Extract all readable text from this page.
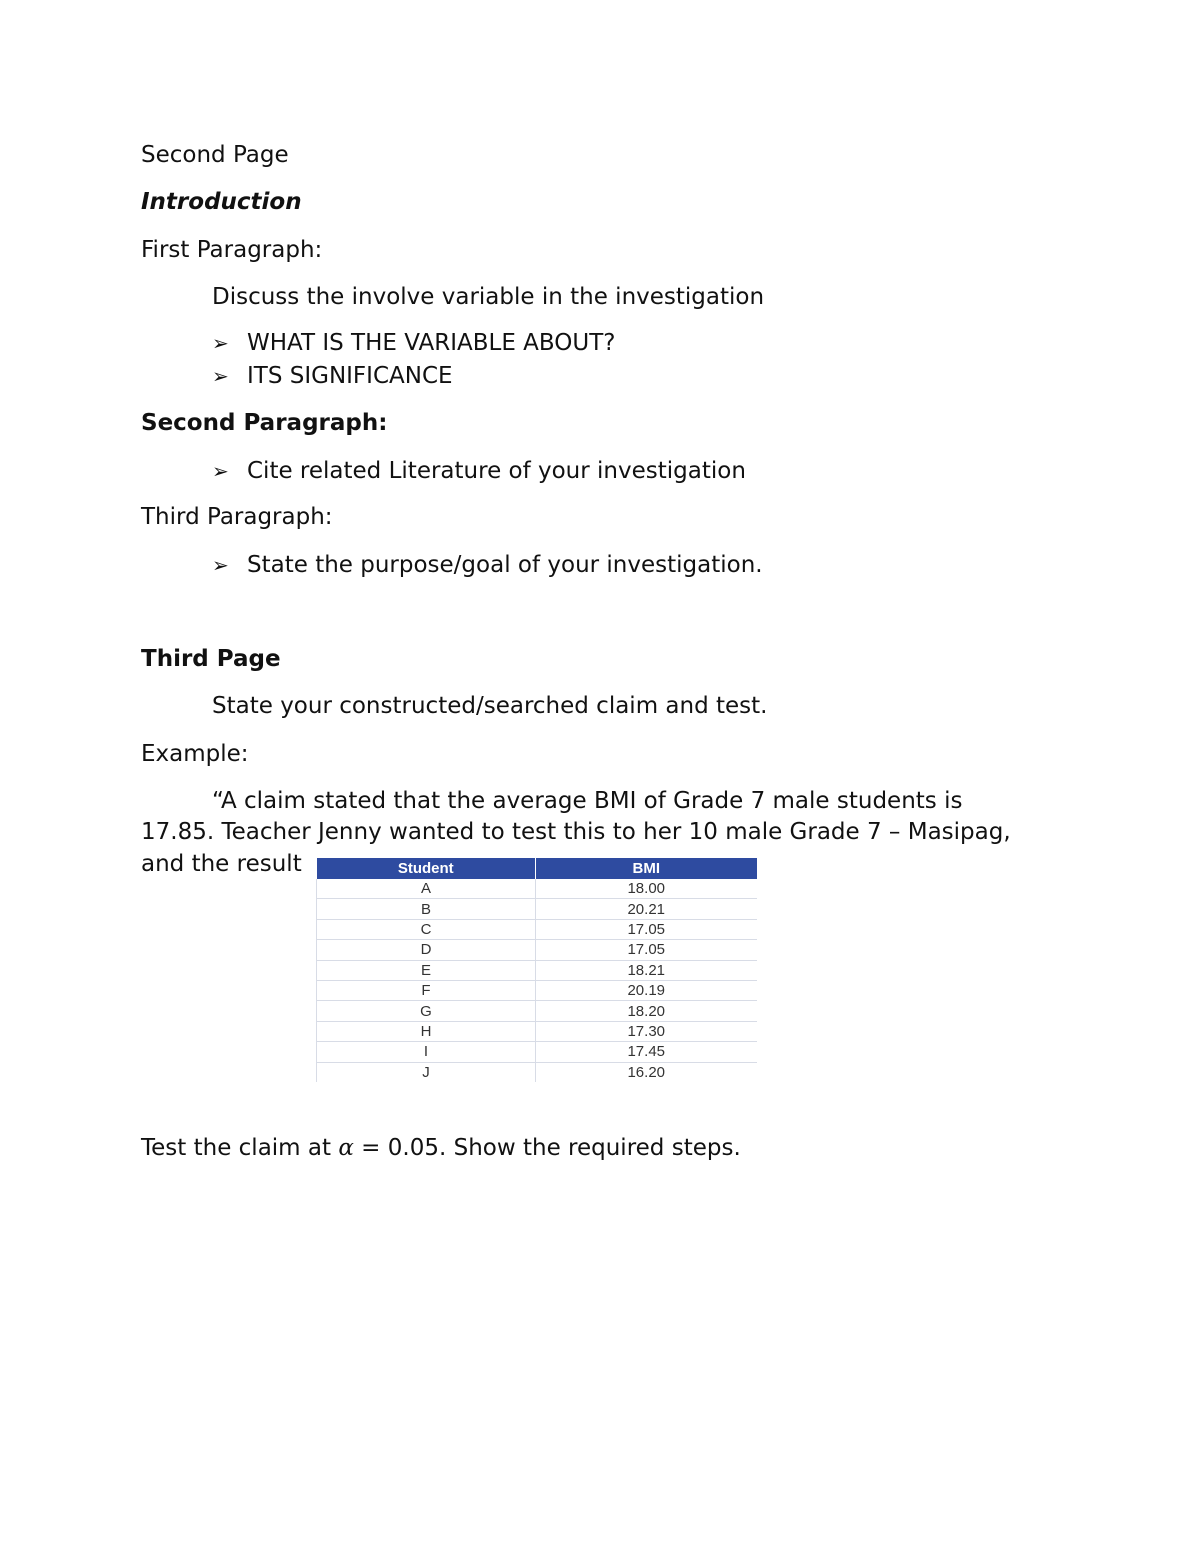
Second Page
Introduction
First Paragraph:
Discuss the involve variable in the investigation
➢ WHAT IS THE VARIABLE ABOUT?
➢ ITS SIGNIFICANCE
Second Paragraph:
➢ Cite related Literature of your investigation
Third Paragraph:
➢ State the purpose/goal of your investigation.
Third Page
State your constructed/searched claim and test.
Example:
“A claim stated that the average BMI of Grade 7 male students is
17.85. Teacher Jenny wanted to test this to her 10 male Grade 7 – Masipag,
and the result	Student	BMI
A	18.00
B	20.21
C	17.05
D	17.05
E	18.21
F	20.19
G	18.20
H	17.30
I	17.45
J	16.20
Test the claim at α = 0.05. Show the required steps.
